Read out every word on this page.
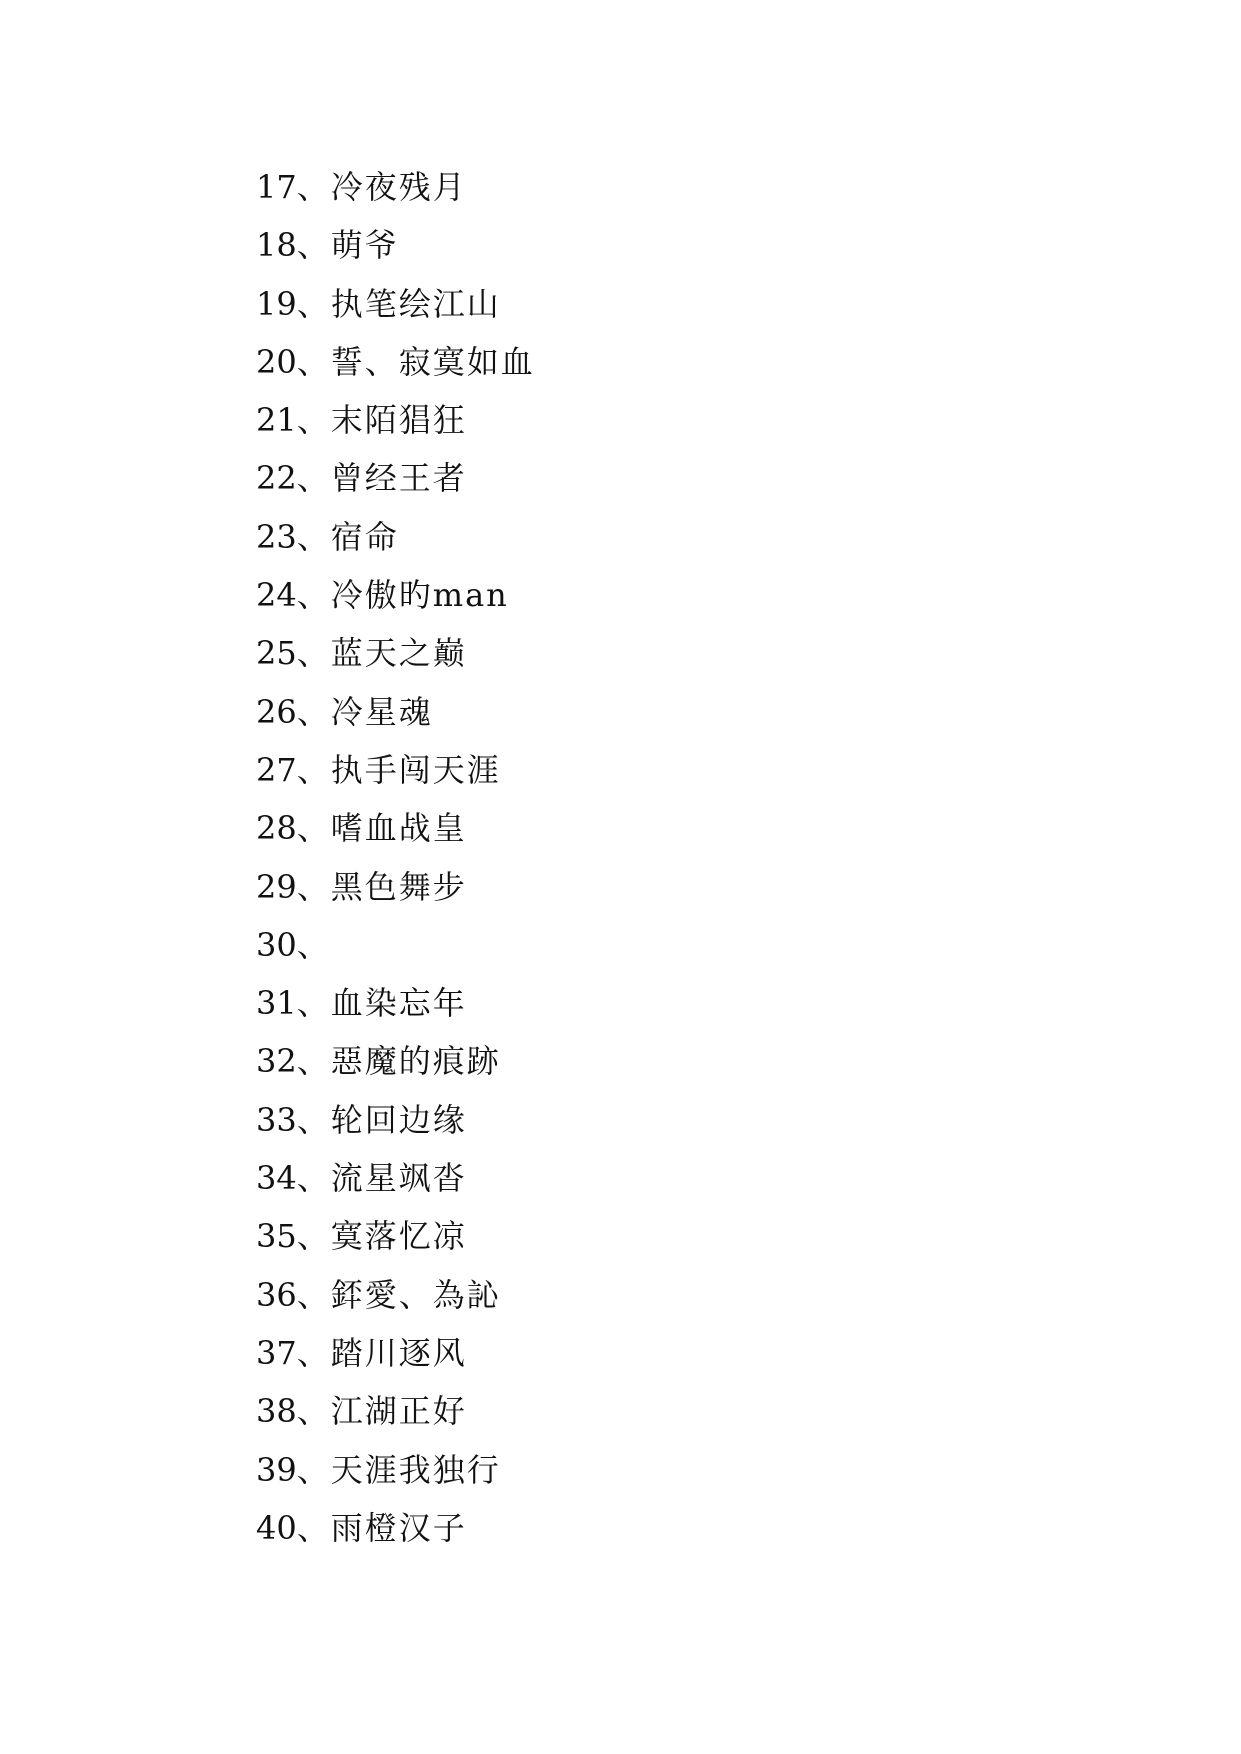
17、冷夜残月
18、萌爷
19、执笔绘江山
20、誓、寂寞如血
21、末陌猖狂
22、曾经王者
23、宿命
24、冷傲旳man
25、蓝天之巅
26、冷星魂
27、执手闯天涯
28、嗜血战皇
29、黑色舞步
30、
31、血染忘年
32、惡魔的痕跡
33、轮回边缘
34、流星飒沓
35、寞落忆凉
36、銔愛、為訫
37、踏川逐风
38、江湖正好
39、天涯我独行
40、雨橙汉子
